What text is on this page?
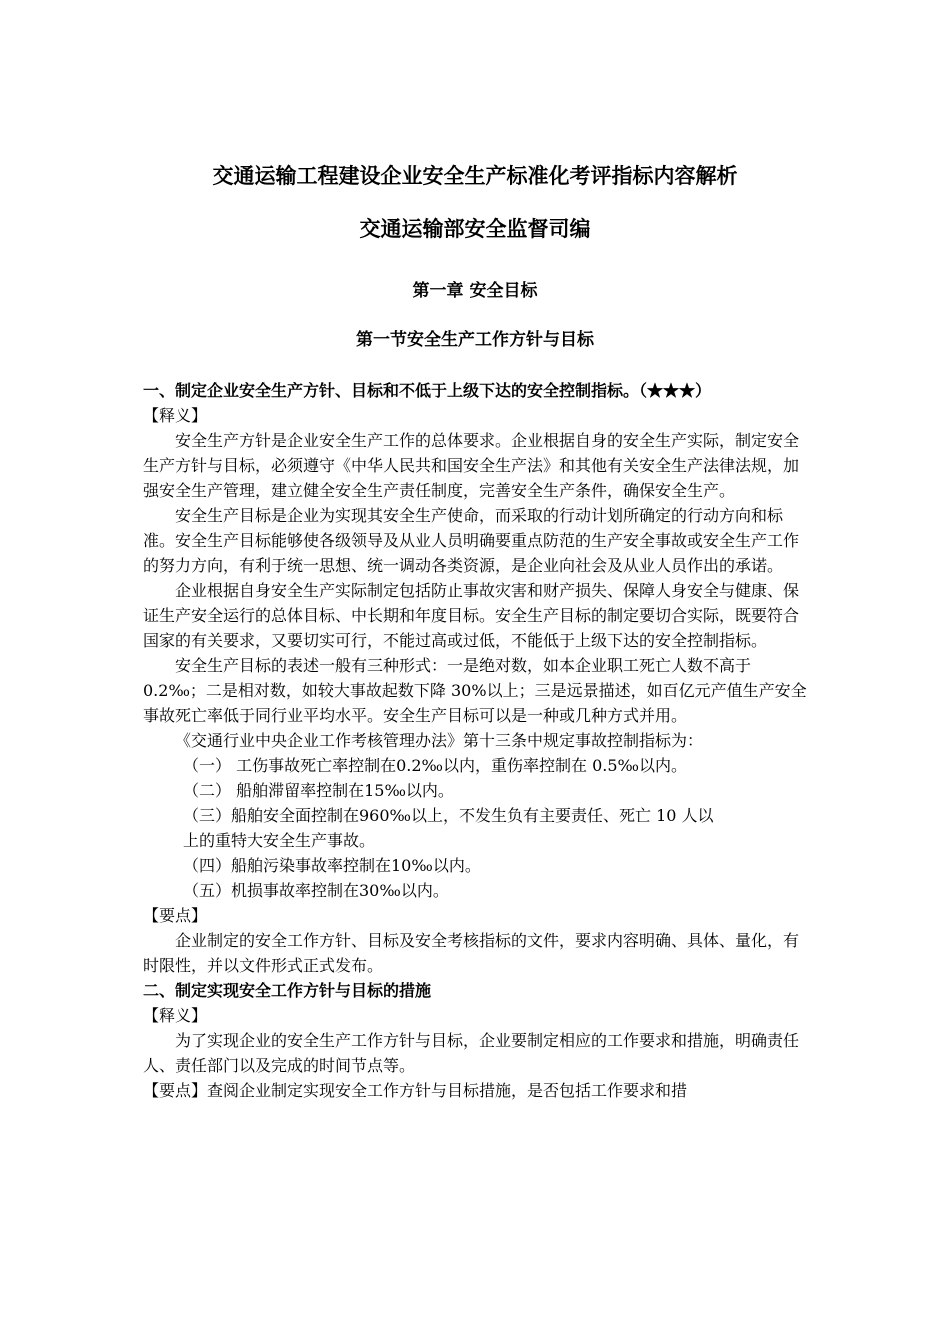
交通运输工程建设企业安全生产标准化考评指标内容解析
交通运输部安全监督司编
第一章 安全目标
第一节安全生产工作方针与目标

一、制定企业安全生产方针、目标和不低于上级下达的安全控制指标。（★★★）

【释义】

安全生产方针是企业安全生产工作的总体要求。企业根据自身的安全生产实际，制定安全生产方针与目标，必须遵守《中华人民共和国安全生产法》和其他有关安全生产法律法规，加强安全生产管理，建立健全安全生产责任制度，完善安全生产条件，确保安全生产。

安全生产目标是企业为实现其安全生产使命，而采取的行动计划所确定的行动方向和标准。安全生产目标能够使各级领导及从业人员明确要重点防范的生产安全事故或安全生产工作的努力方向，有利于统一思想、统一调动各类资源，是企业向社会及从业人员作出的承诺。

企业根据自身安全生产实际制定包括防止事故灾害和财产损失、保障人身安全与健康、保证生产安全运行的总体目标、中长期和年度目标。安全生产目标的制定要切合实际，既要符合国家的有关要求，又要切实可行，不能过高或过低，不能低于上级下达的安全控制指标。

安全生产目标的表述一般有三种形式：一是绝对数，如本企业职工死亡人数不高于0.2‰；二是相对数，如较大事故起数下降 30%以上；三是远景描述，如百亿元产值生产安全事故死亡率低于同行业平均水平。安全生产目标可以是一种或几种方式并用。

《交通行业中央企业工作考核管理办法》第十三条中规定事故控制指标为：

（一） 工伤事故死亡率控制在0.2‰以内，重伤率控制在 0.5‰以内。

（二） 船舶滞留率控制在15‰以内。

（三）船舶安全面控制在960‰以上，不发生负有主要责任、死亡 10 人以

上的重特大安全生产事故。

（四）船舶污染事故率控制在10‰以内。

（五）机损事故率控制在30‰以内。

【要点】

企业制定的安全工作方针、目标及安全考核指标的文件，要求内容明确、具体、量化，有时限性，并以文件形式正式发布。

二、制定实现安全工作方针与目标的措施

【释义】

为了实现企业的安全生产工作方针与目标，企业要制定相应的工作要求和措施，明确责任人、责任部门以及完成的时间节点等。

【要点】查阅企业制定实现安全工作方针与目标措施，是否包括工作要求和措
